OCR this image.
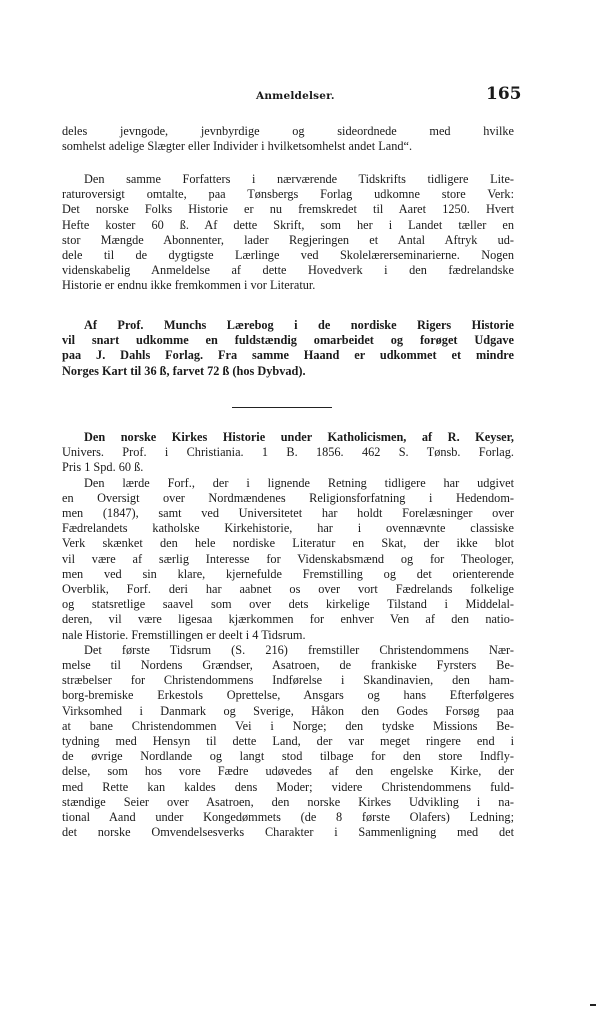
Anmeldelser.	165
deles jevngode, jevnbyrdige og sideordnede med hvilke
somhelst adelige Slægter eller Individer i hvilketsomhelst andet Land“.
Den samme Forfatters i nærværende Tidskrifts tidligere Lite-
raturoversigt omtalte, paa Tønsbergs Forlag udkomne store Verk:
Det norske Folks Historie er nu fremskredet til Aaret 1250. Hvert
Hefte koster 60 ß. Af dette Skrift, som her i Landet tæller en
stor Mængde Abonnenter, lader Regjeringen et Antal Aftryk ud-
dele til de dygtigste Lærlinge ved Skolelærerseminarierne. Nogen
videnskabelig Anmeldelse af dette Hovedverk i den fædrelandske
Historie er endnu ikke fremkommen i vor Literatur.
Af Prof. Munchs Lærebog i de nordiske Rigers Historie
vil snart udkomme en fuldstændig omarbeidet og forøget Udgave
paa J. Dahls Forlag. Fra samme Haand er udkommet et mindre
Norges Kart til 36 ß, farvet 72 ß (hos Dybvad).
Den norske Kirkes Historie under Katholicismen, af R. Keyser,
Univers. Prof. i Christiania. 1 B. 1856. 462 S. Tønsb. Forlag.
Pris 1 Spd. 60 ß.
Den lærde Forf., der i lignende Retning tidligere har udgivet
en Oversigt over Nordmændenes Religionsforfatning i Hedendom-
men (1847), samt ved Universitetet har holdt Forelæsninger over
Fædrelandets katholske Kirkehistorie, har i ovennævnte classiske
Verk skænket den hele nordiske Literatur en Skat, der ikke blot
vil være af særlig Interesse for Videnskabsmænd og for Theologer,
men ved sin klare, kjernefulde Fremstilling og det orienterende
Overblik, Forf. deri har aabnet os over vort Fædrelands folkelige
og statsretlige saavel som over dets kirkelige Tilstand i Middelal-
deren, vil være ligesaa kjærkommen for enhver Ven af den natio-
nale Historie. Fremstillingen er deelt i 4 Tidsrum.
Det første Tidsrum (S. 216) fremstiller Christendommens Nær-
melse til Nordens Grændser, Asatroen, de frankiske Fyrsters Be-
stræbelser for Christendommens Indførelse i Skandinavien, den ham-
borg-bremiske Erkestols Oprettelse, Ansgars og hans Efterfølgeres
Virksomhed i Danmark og Sverige, Håkon den Godes Forsøg paa
at bane Christendommen Vei i Norge; den tydske Missions Be-
tydning med Hensyn til dette Land, der var meget ringere end i
de øvrige Nordlande og langt stod tilbage for den store Indfly-
delse, som hos vore Fædre udøvedes af den engelske Kirke, der
med Rette kan kaldes dens Moder; videre Christendommens fuld-
stændige Seier over Asatroen, den norske Kirkes Udvikling i na-
tional Aand under Kongedømmets (de 8 første Olafers) Ledning;
det norske Omvendelsesverks Charakter i Sammenligning med det
